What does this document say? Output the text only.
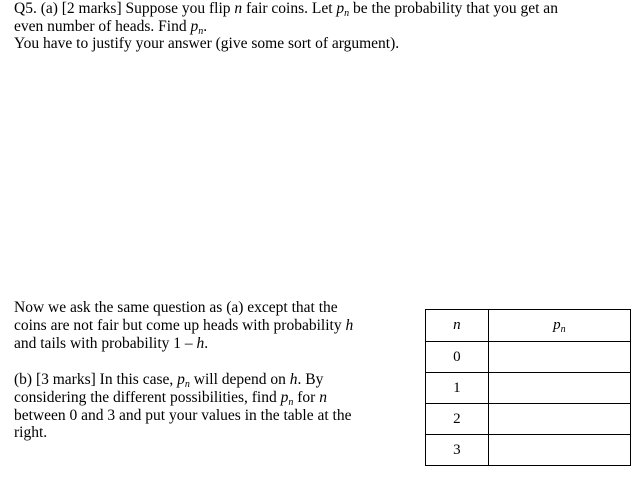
Q5. (a) [2 marks] Suppose you flip n fair coins. Let $p_n$ be the probability that you get an

even number of heads. Find $p_n$.

You have to justify your answer (give some sort of argument).

Now we ask the same question as (a) except that the

coins are not fair but come up heads with probability h

and tails with probability 1 – h.

(b) [3 marks] In this case, $p_n$ will depend on h. By

considering the different possibilities, find $p_n$ for n

between 0 and 3 and put your values in the table at the

right.

n	$p_n$
0	
1	
2	
3	
